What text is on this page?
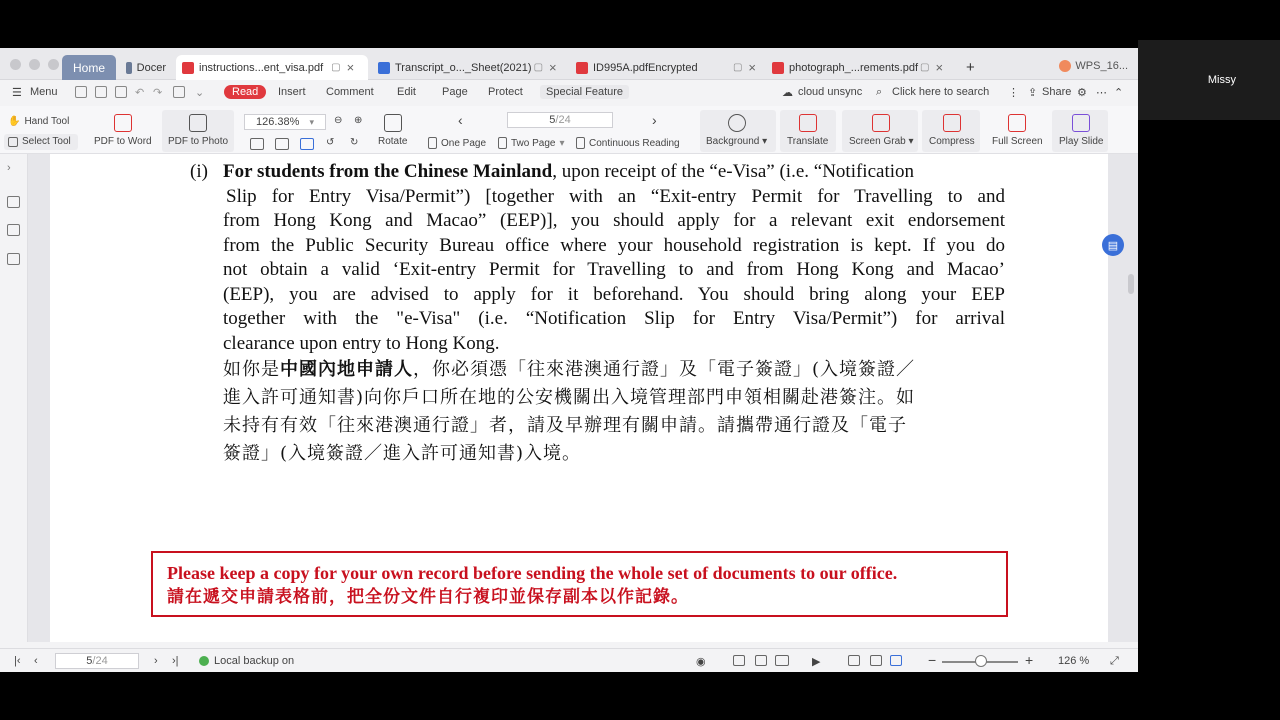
Missy
Home	Docer	instructions...ent_visa.pdf ▢ ×	Transcript_o..._Sheet(2021) ▢ ×	ID995A.pdfEncrypted	▢ ×	photograph_...rements.pdf ▢ × +	WPS_16...
☰ Menu	↶ ↷	⌄	Read	Insert Comment Edit Page Protect	Special Feature	☁ cloud unsync ⌕ Click here to search ⋮ ⇪ Share ⚙ ⋯ ⌃
✋ Hand Tool
Select Tool PDF to Word PDF to Photo
126.38% ▾ ⊖ ⊕
↺ ↻ Rotate
‹	5 /24	›
One Page Two Page ▾ Continuous Reading	Background ▾ Translate Screen Grab ▾ Compress Full Screen Play Slide
›	(i) For students from the Chinese Mainland, upon receipt of the “e-Visa” (i.e. “Notification
Slip for Entry Visa/Permit”) [together with an “Exit-entry Permit for Travelling to and
from Hong Kong and Macao” (EEP)], you should apply for a relevant exit endorsement
from the Public Security Bureau office where your household registration is kept. If you do
not obtain a valid ‘Exit-entry Permit for Travelling to and from Hong Kong and Macao’
(EEP), you are advised to apply for it beforehand. You should bring along your EEP
together with the "e-Visa" (i.e. “Notification Slip for Entry Visa/Permit”) for arrival
clearance upon entry to Hong Kong.
如你是中國內地申請人，你必須憑「往來港澳通行證」及「電子簽證」(入境簽證／
進入許可通知書)向你戶口所在地的公安機關出入境管理部門申領相關赴港簽注。如
未持有有效「往來港澳通行證」者，請及早辦理有關申請。請攜帶通行證及「電子
簽證」(入境簽證／進入許可通知書)入境。
Please keep a copy for your own record before sending the whole set of documents to our office.
請在遞交申請表格前，把全份文件自行複印並保存副本以作記錄。
▤
|‹ ‹	5 /24	› ›|	Local backup on	◉	▶	−	+ 126 % ⤢
